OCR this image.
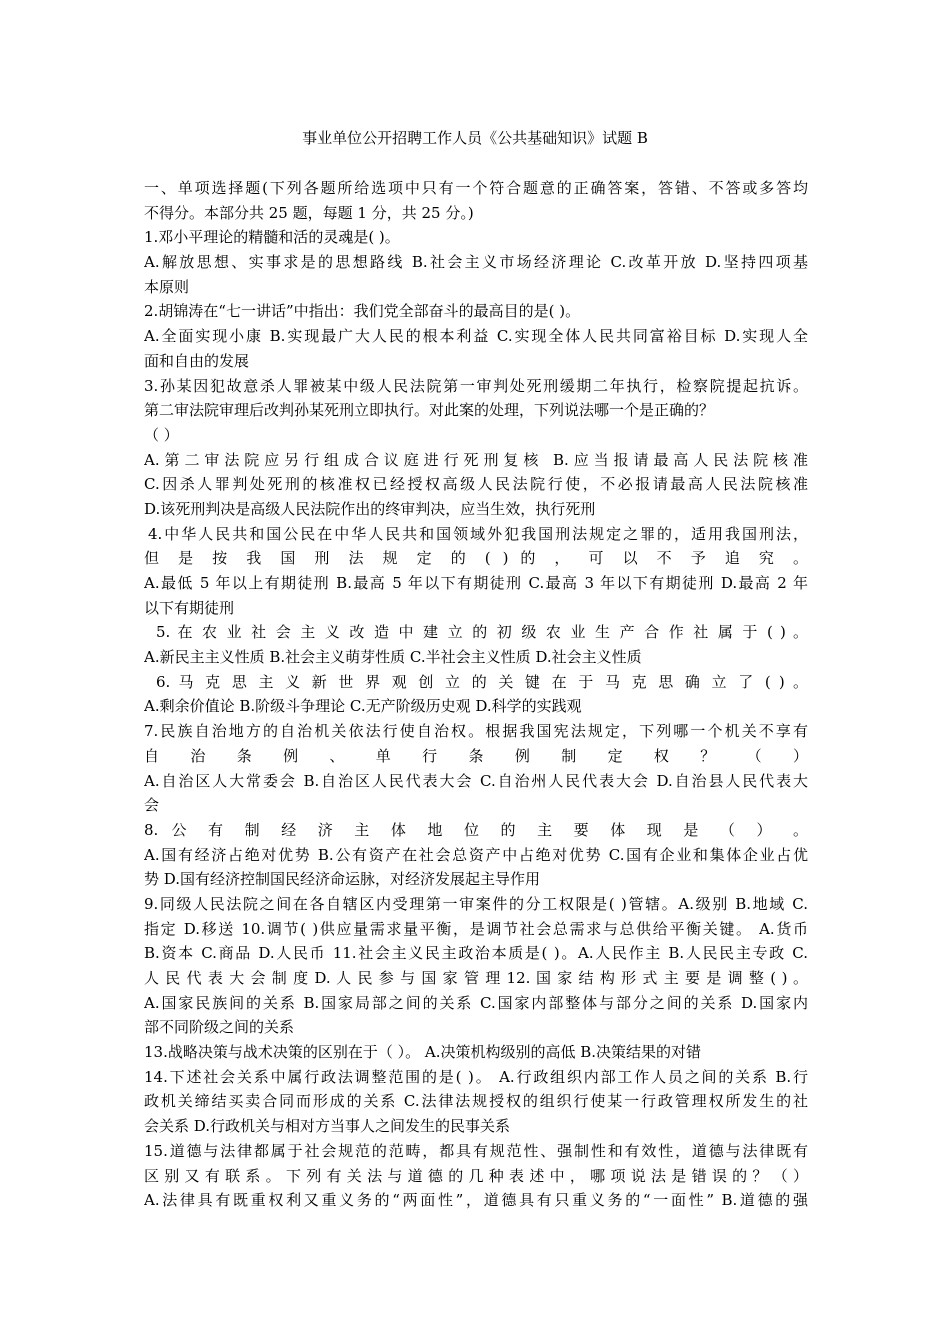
事业单位公开招聘工作人员《公共基础知识》试题 B
一、单项选择题(下列各题所给选项中只有一个符合题意的正确答案，答错、不答或多答均
不得分。本部分共 25 题，每题 1 分，共 25 分。)
1.邓小平理论的精髓和活的灵魂是( )。
A.解放思想、实事求是的思想路线 B.社会主义市场经济理论 C.改革开放 D.坚持四项基
本原则
2.胡锦涛在“七一讲话”中指出：我们党全部奋斗的最高目的是( )。
A.全面实现小康 B.实现最广大人民的根本利益 C.实现全体人民共同富裕目标 D.实现人全
面和自由的发展
3.孙某因犯故意杀人罪被某中级人民法院第一审判处死刑缓期二年执行，检察院提起抗诉。
第二审法院审理后改判孙某死刑立即执行。对此案的处理，下列说法哪一个是正确的？
（ ）
A.第二审法院应另行组成合议庭进行死刑复核 B.应当报请最高人民法院核准
C.因杀人罪判处死刑的核准权已经授权高级人民法院行使，不必报请最高人民法院核准
D.该死刑判决是高级人民法院作出的终审判决，应当生效，执行死刑
4.中华人民共和国公民在中华人民共和国领域外犯我国刑法规定之罪的，适用我国刑法，
但 是 按 我 国 刑 法 规 定 的 ( ) 的 ， 可 以 不 予 追 究 。
A.最低 5 年以上有期徒刑 B.最高 5 年以下有期徒刑 C.最高 3 年以下有期徒刑 D.最高 2 年
以下有期徒刑
5. 在 农 业 社 会 主 义 改 造 中 建 立 的 初 级 农 业 生 产 合 作 社 属 于 ( ) 。
A.新民主主义性质 B.社会主义萌芽性质 C.半社会主义性质 D.社会主义性质
6. 马 克 思 主 义 新 世 界 观 创 立 的 关 键 在 于 马 克 思 确 立 了 ( ) 。
A.剩余价值论 B.阶级斗争理论 C.无产阶级历史观 D.科学的实践观
7.民族自治地方的自治机关依法行使自治权。根据我国宪法规定，下列哪一个机关不享有
自 治 条 例 、 单 行 条 例 制 定 权 ？ （ ）
A.自治区人大常委会 B.自治区人民代表大会 C.自治州人民代表大会 D.自治县人民代表大
会
8. 公 有 制 经 济 主 体 地 位 的 主 要 体 现 是 （ ） 。
A.国有经济占绝对优势 B.公有资产在社会总资产中占绝对优势 C.国有企业和集体企业占优
势 D.国有经济控制国民经济命运脉，对经济发展起主导作用
9.同级人民法院之间在各自辖区内受理第一审案件的分工权限是( )管辖。A.级别 B.地域 C.
指定 D.移送 10.调节( )供应量需求量平衡，是调节社会总需求与总供给平衡关键。 A.货币
B.资本 C.商品 D.人民币 11.社会主义民主政治本质是( )。A.人民作主 B.人民民主专政 C.
人 民 代 表 大 会 制 度 D. 人 民 参 与 国 家 管 理 12. 国 家 结 构 形 式 主 要 是 调 整 ( ) 。
A.国家民族间的关系 B.国家局部之间的关系 C.国家内部整体与部分之间的关系 D.国家内
部不同阶级之间的关系
13.战略决策与战术决策的区别在于（ ）。 A.决策机构级别的高低 B.决策结果的对错
14.下述社会关系中属行政法调整范围的是( )。 A.行政组织内部工作人员之间的关系 B.行
政机关缔结买卖合同而形成的关系 C.法律法规授权的组织行使某一行政管理权所发生的社
会关系 D.行政机关与相对方当事人之间发生的民事关系
15.道德与法律都属于社会规范的范畴，都具有规范性、强制性和有效性，道德与法律既有
区 别 又 有 联 系 。 下 列 有 关 法 与 道 德 的 几 种 表 述 中 ， 哪 项 说 法 是 错 误 的 ？ （ ）
A.法律具有既重权利又重义务的“两面性”，道德具有只重义务的“一面性” B.道德的强
